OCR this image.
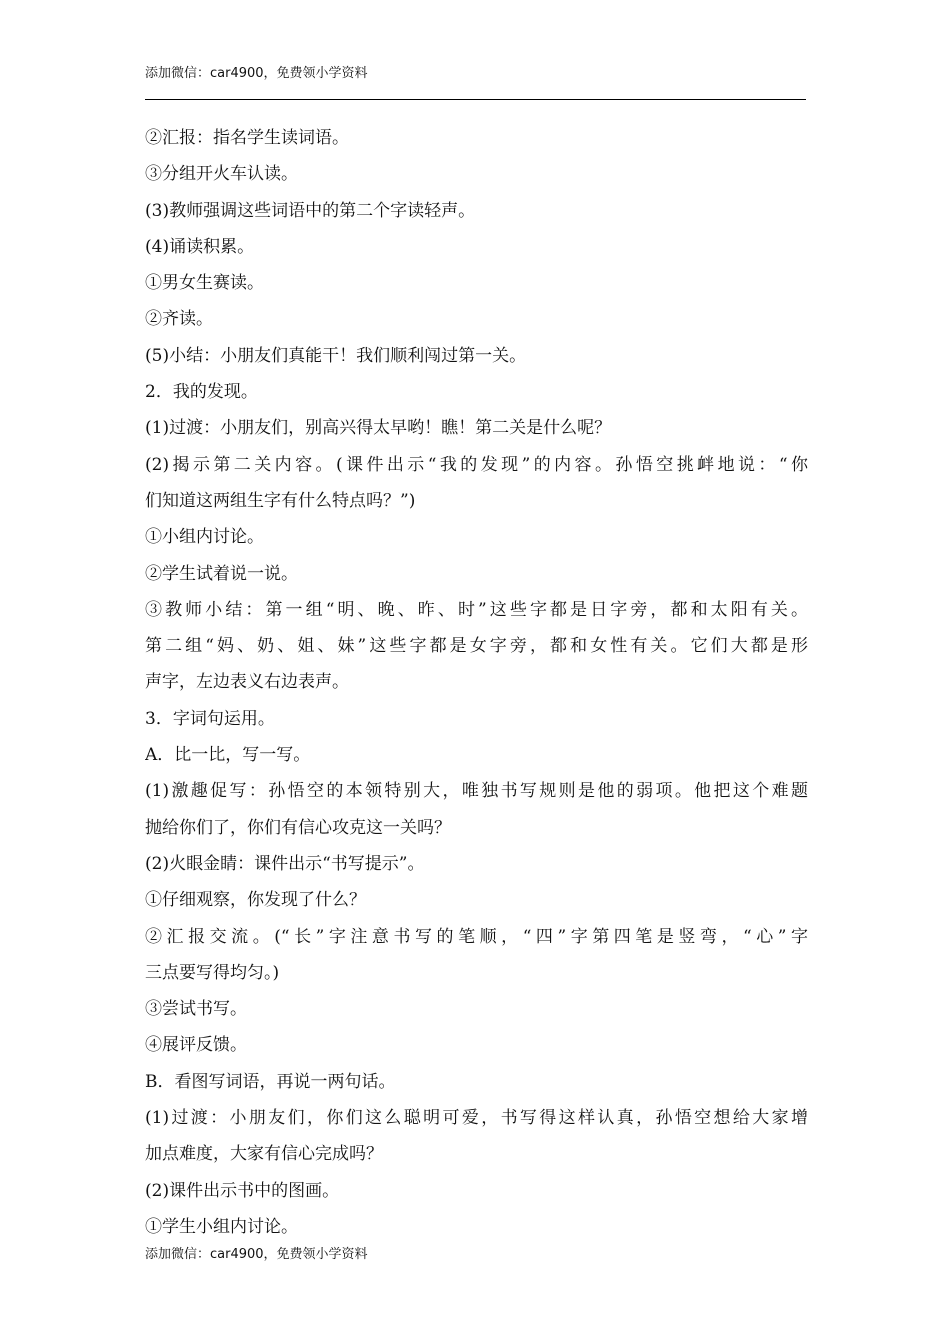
添加微信：car4900，免费领小学资料
②汇报：指名学生读词语。
③分组开火车认读。
(3)教师强调这些词语中的第二个字读轻声。
(4)诵读积累。
①男女生赛读。
②齐读。
(5)小结：小朋友们真能干！我们顺利闯过第一关。
2．我的发现。
(1)过渡：小朋友们，别高兴得太早哟！瞧！第二关是什么呢？
(2)揭示第二关内容。(课件出示“我的发现”的内容。孙悟空挑衅地说：“你
们知道这两组生字有什么特点吗？”)
①小组内讨论。
②学生试着说一说。
③教师小结：第一组“明、晚、昨、时”这些字都是日字旁，都和太阳有关。
第二组“妈、奶、姐、妹”这些字都是女字旁，都和女性有关。它们大都是形
声字，左边表义右边表声。
3．字词句运用。
A．比一比，写一写。
(1)激趣促写：孙悟空的本领特别大，唯独书写规则是他的弱项。他把这个难题
抛给你们了，你们有信心攻克这一关吗？
(2)火眼金睛：课件出示“书写提示”。
①仔细观察，你发现了什么？
②汇报交流。(“长”字注意书写的笔顺，“四”字第四笔是竖弯，“心”字
三点要写得均匀。)
③尝试书写。
④展评反馈。
B．看图写词语，再说一两句话。
(1)过渡：小朋友们，你们这么聪明可爱，书写得这样认真，孙悟空想给大家增
加点难度，大家有信心完成吗？
(2)课件出示书中的图画。
①学生小组内讨论。
添加微信：car4900，免费领小学资料
